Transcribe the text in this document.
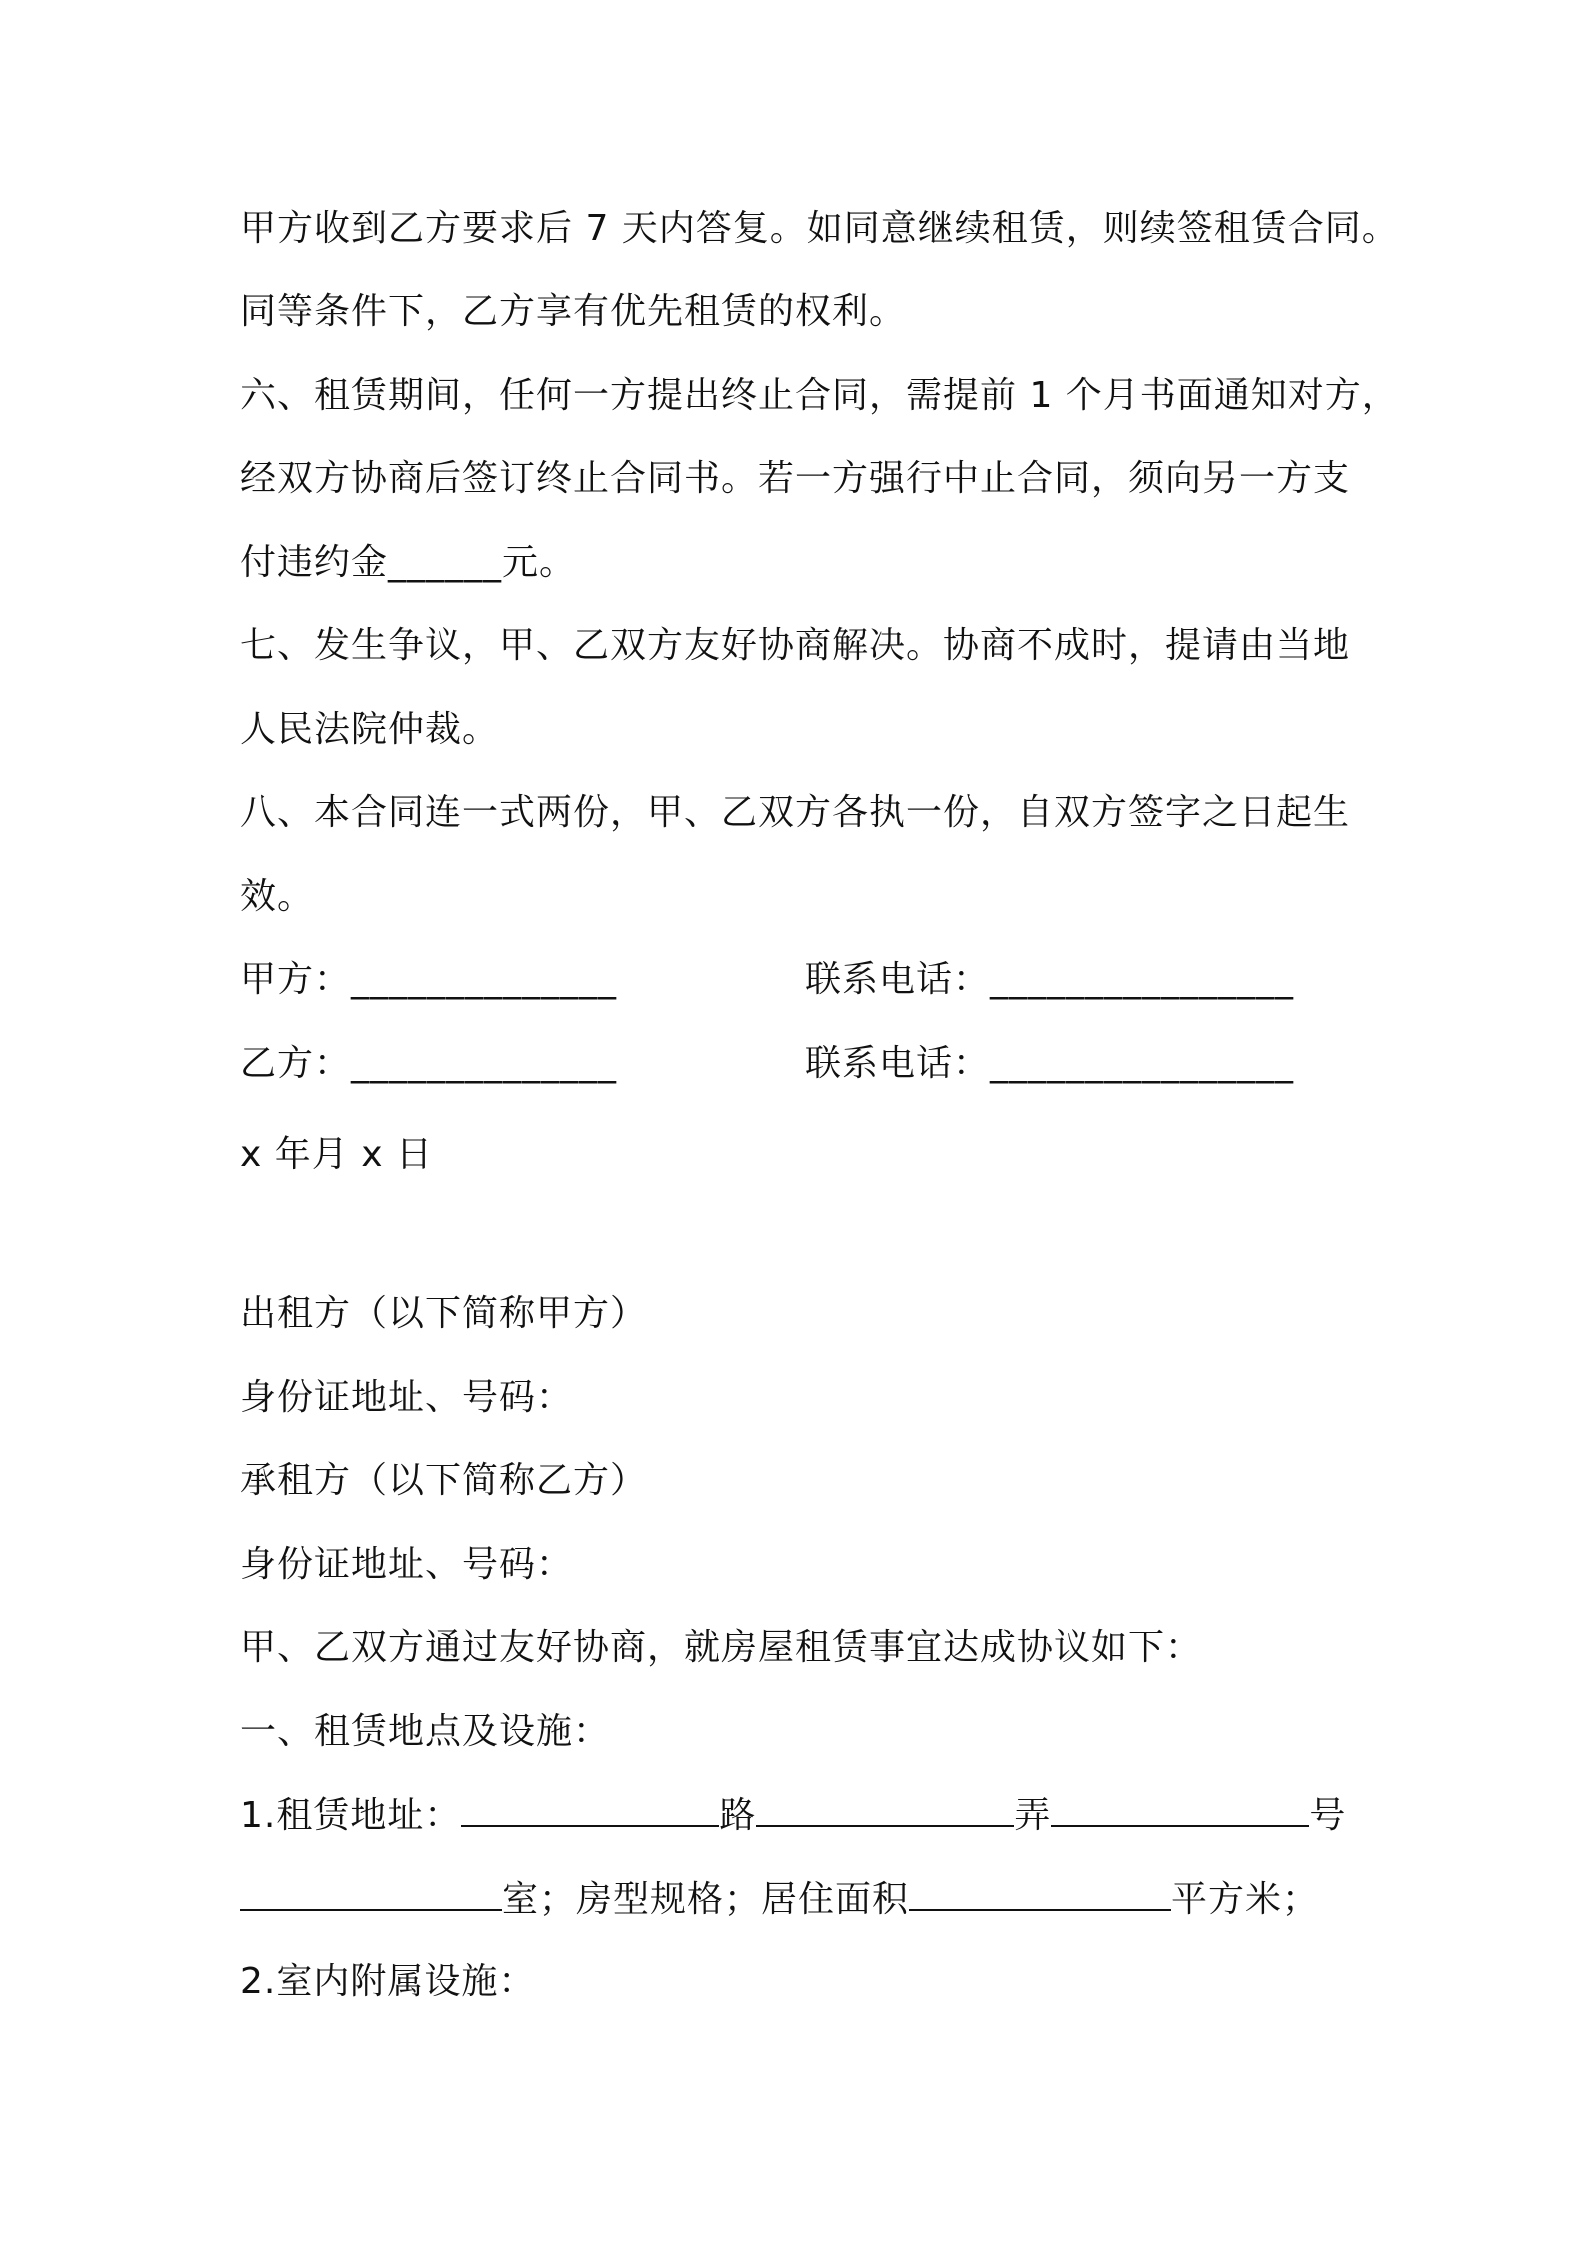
甲方收到乙方要求后 7 天内答复。如同意继续租赁，则续签租赁合同。
同等条件下，乙方享有优先租赁的权利。
六、租赁期间，任何一方提出终止合同，需提前 1 个月书面通知对方，
经双方协商后签订终止合同书。若一方强行中止合同，须向另一方支
付违约金______元。
七、发生争议，甲、乙双方友好协商解决。协商不成时，提请由当地
人民法院仲裁。
八、本合同连一式两份，甲、乙双方各执一份，自双方签字之日起生
效。
甲方：______________	联系电话：________________
乙方：______________	联系电话：________________
x 年月 x 日
出租方（以下简称甲方）
身份证地址、号码：
承租方（以下简称乙方）
身份证地址、号码：
甲、乙双方通过友好协商，就房屋租赁事宜达成协议如下：
一、租赁地点及设施：
1.租赁地址：	路	弄	号
室；房型规格；居住面积	平方米；
2.室内附属设施：
